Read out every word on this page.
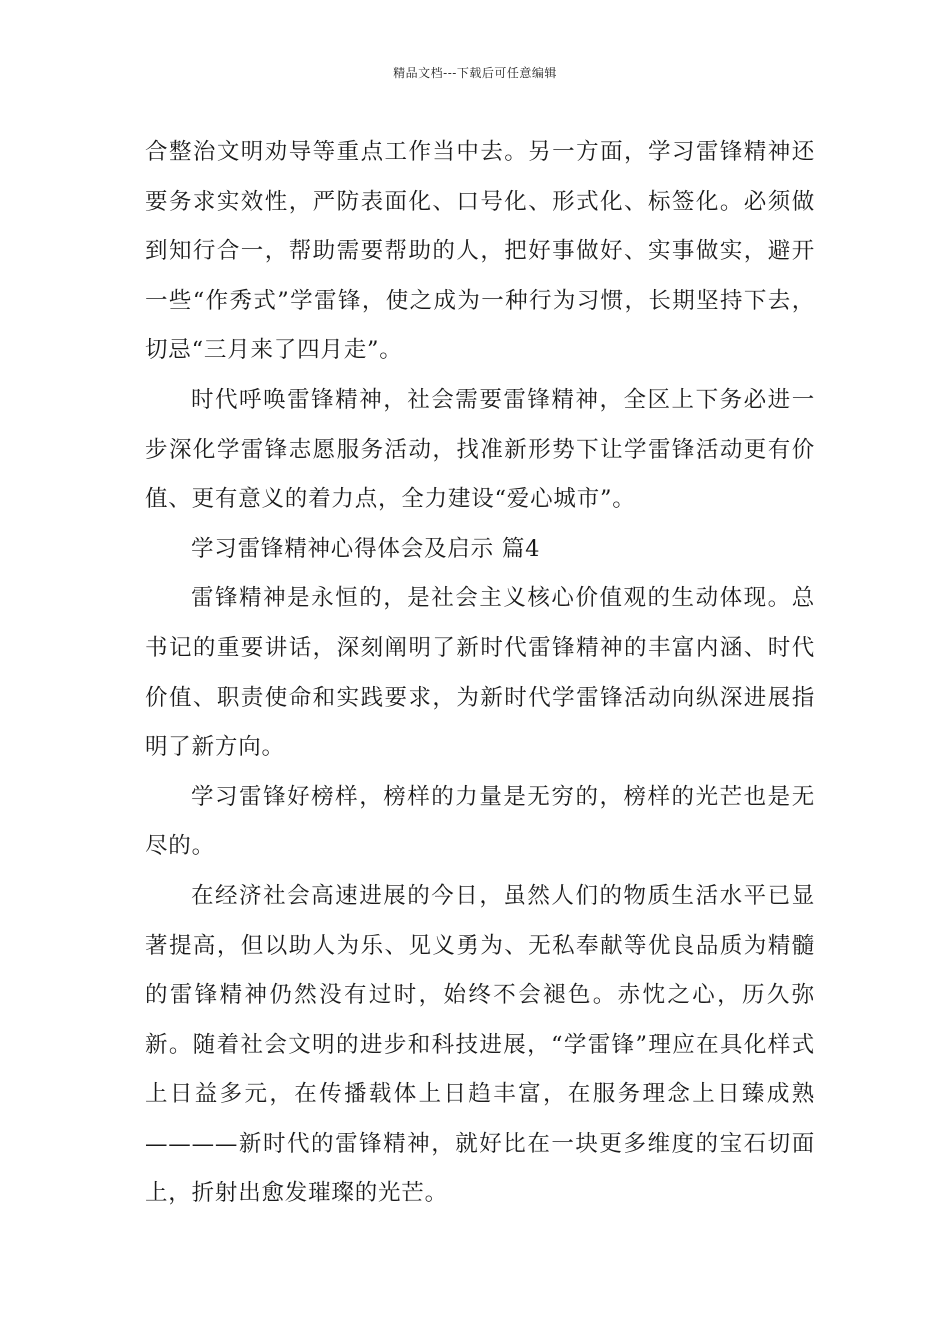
精品文档---下载后可任意编辑

合整治文明劝导等重点工作当中去。另一方面，学习雷锋精神还要务求实效性，严防表面化、口号化、形式化、标签化。必须做到知行合一，帮助需要帮助的人，把好事做好、实事做实，避开一些“作秀式”学雷锋，使之成为一种行为习惯，长期坚持下去，切忌“三月来了四月走”。

时代呼唤雷锋精神，社会需要雷锋精神，全区上下务必进一步深化学雷锋志愿服务活动，找准新形势下让学雷锋活动更有价值、更有意义的着力点，全力建设“爱心城市”。

学习雷锋精神心得体会及启示 篇4

雷锋精神是永恒的，是社会主义核心价值观的生动体现。总书记的重要讲话，深刻阐明了新时代雷锋精神的丰富内涵、时代价值、职责使命和实践要求，为新时代学雷锋活动向纵深进展指明了新方向。

学习雷锋好榜样，榜样的力量是无穷的，榜样的光芒也是无尽的。

在经济社会高速进展的今日，虽然人们的物质生活水平已显著提高，但以助人为乐、见义勇为、无私奉献等优良品质为精髓的雷锋精神仍然没有过时，始终不会褪色。赤忱之心，历久弥新。随着社会文明的进步和科技进展，“学雷锋”理应在具化样式上日益多元，在传播载体上日趋丰富，在服务理念上日臻成熟————新时代的雷锋精神，就好比在一块更多维度的宝石切面上，折射出愈发璀璨的光芒。
